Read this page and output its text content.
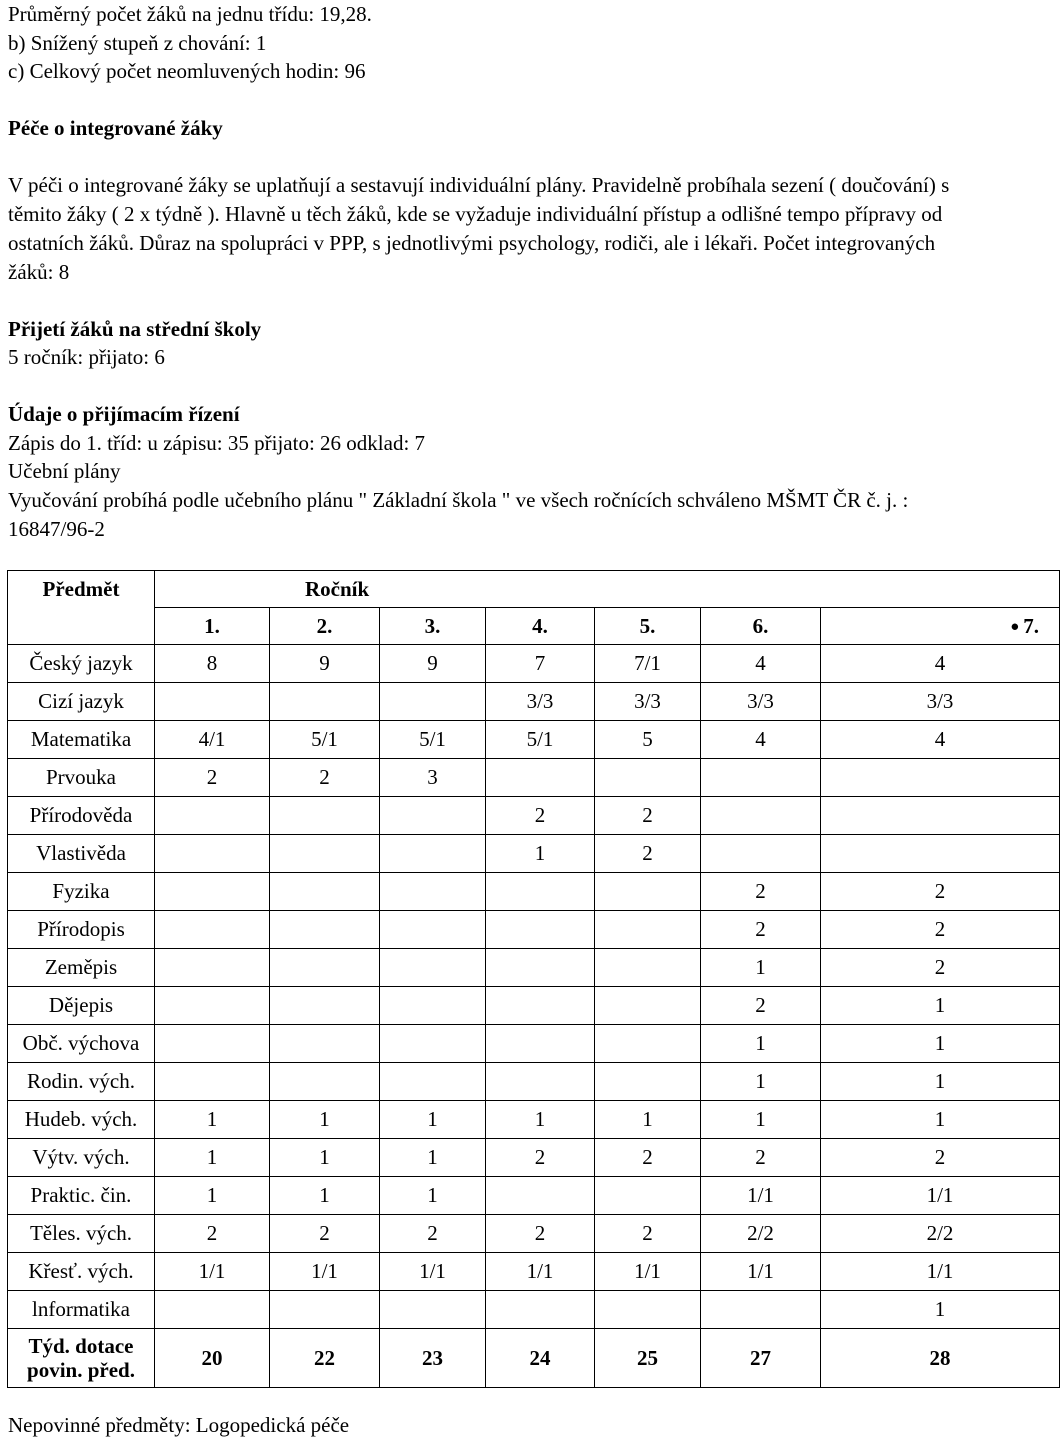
Průměrný počet žáků na jednu třídu: 19,28.
b) Snížený stupeň z chování: 1
c) Celkový počet neomluvených hodin: 96
Péče o integrované žáky
V péči o integrované žáky se uplatňují a sestavují individuální plány. Pravidelně probíhala sezení ( doučování) s těmito žáky ( 2 x týdně ). Hlavně u těch žáků, kde se vyžaduje individuální přístup a odlišné tempo přípravy od ostatních žáků. Důraz na spolupráci v PPP, s jednotlivými psychology, rodiči, ale i lékaři. Počet integrovaných žáků: 8
Přijetí žáků na střední školy
5 ročník: přijato: 6
Údaje o přijímacím řízení
Zápis do 1. tříd: u zápisu: 35 přijato: 26 odklad: 7
Učební plány
Vyučování probíhá podle učebního plánu " Základní škola " ve všech ročnících schváleno MŠMT ČR č. j. : 16847/96-2
Předmět	Ročník						
	1.	2.	3.	4.	5.	6.	● 7.
Český jazyk	8	9	9	7	7/1	4	4
Cizí jazyk				3/3	3/3	3/3	3/3
Matematika	4/1	5/1	5/1	5/1	5	4	4
Prvouka	2	2	3				
Přírodověda				2	2		
Vlastivěda				1	2		
Fyzika						2	2
Přírodopis						2	2
Zeměpis						1	2
Dějepis						2	1
Obč. výchova						1	1
Rodin. vých.						1	1
Hudeb. vých.	1	1	1	1	1	1	1
Výtv. vých.	1	1	1	2	2	2	2
Praktic. čin.	1	1	1			1/1	1/1
Těles. vých.	2	2	2	2	2	2/2	2/2
Křesť. vých.	1/1	1/1	1/1	1/1	1/1	1/1	1/1
lnformatika							1

Týd. dotace
povin. před.	20	22	23	24	25	27	28
Nepovinné předměty: Logopedická péče
